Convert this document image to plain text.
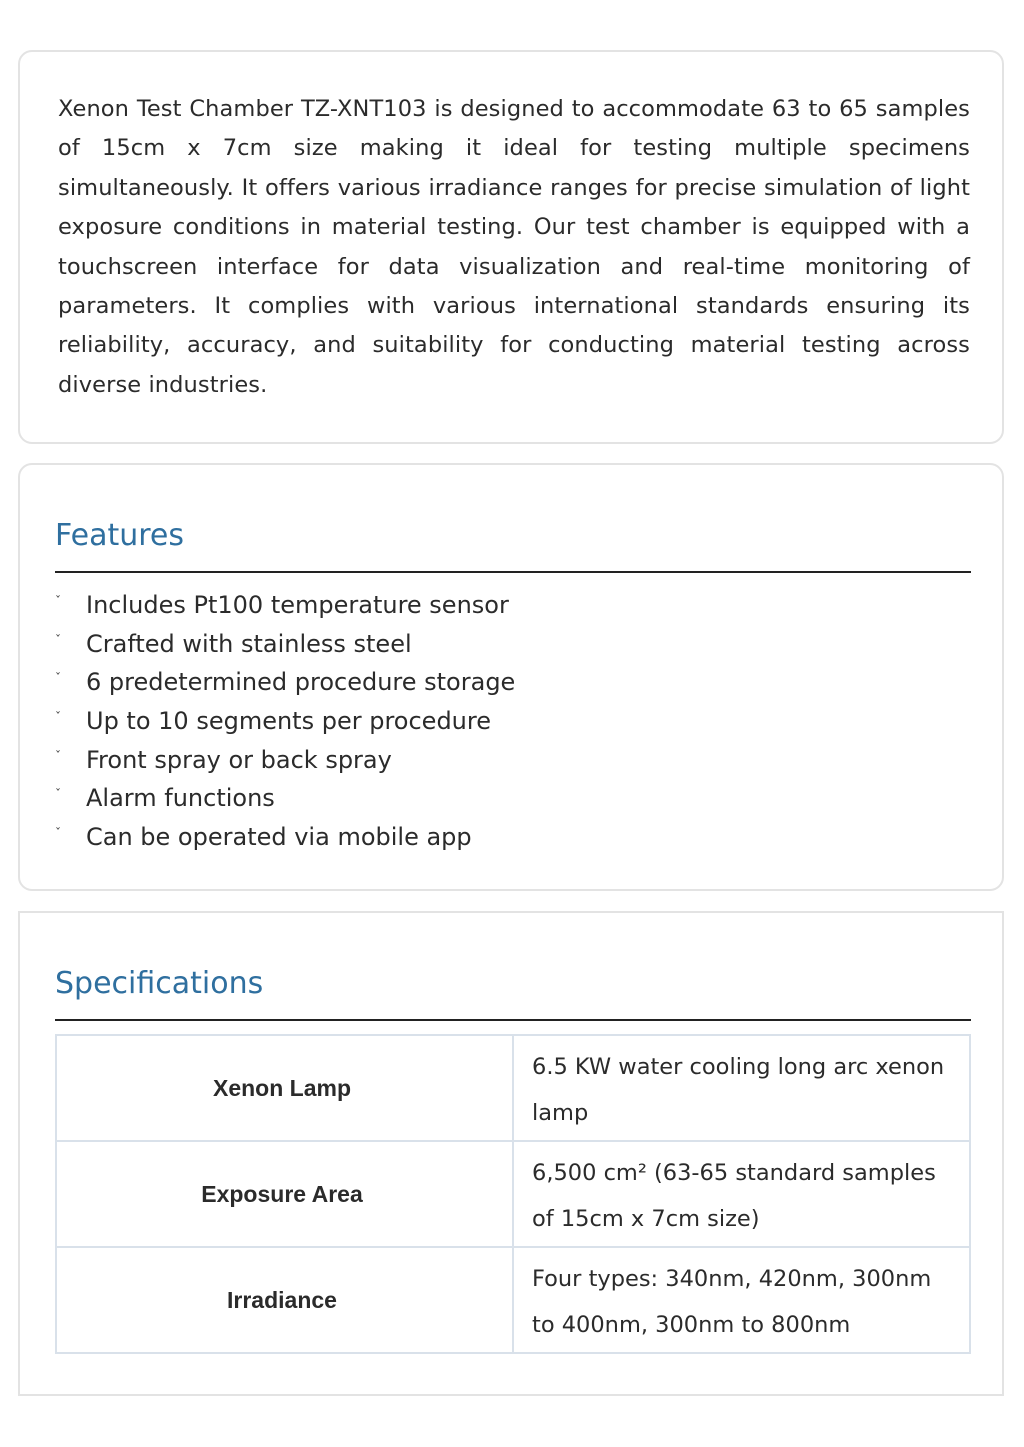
Xenon Test Chamber TZ-XNT103 is designed to accommodate 63 to 65 samples of 15cm x 7cm size making it ideal for testing multiple specimens simultaneously. It offers various irradiance ranges for precise simulation of light exposure conditions in material testing. Our test chamber is equipped with a touchscreen interface for data visualization and real-time monitoring of parameters. It complies with various international standards ensuring its reliability, accuracy, and suitability for conducting material testing across diverse industries.

Features
ˇ Includes Pt100 temperature sensor
ˇ Crafted with stainless steel
ˇ 6 predetermined procedure storage
ˇ Up to 10 segments per procedure
ˇ Front spray or back spray
ˇ Alarm functions
ˇ Can be operated via mobile app
Specifications
Xenon Lamp	6.5 KW water cooling long arc xenon lamp
Exposure Area	6,500 cm² (63-65 standard samples of 15cm x 7cm size)
Irradiance	Four types: 340nm, 420nm, 300nm to 400nm, 300nm to 800nm
